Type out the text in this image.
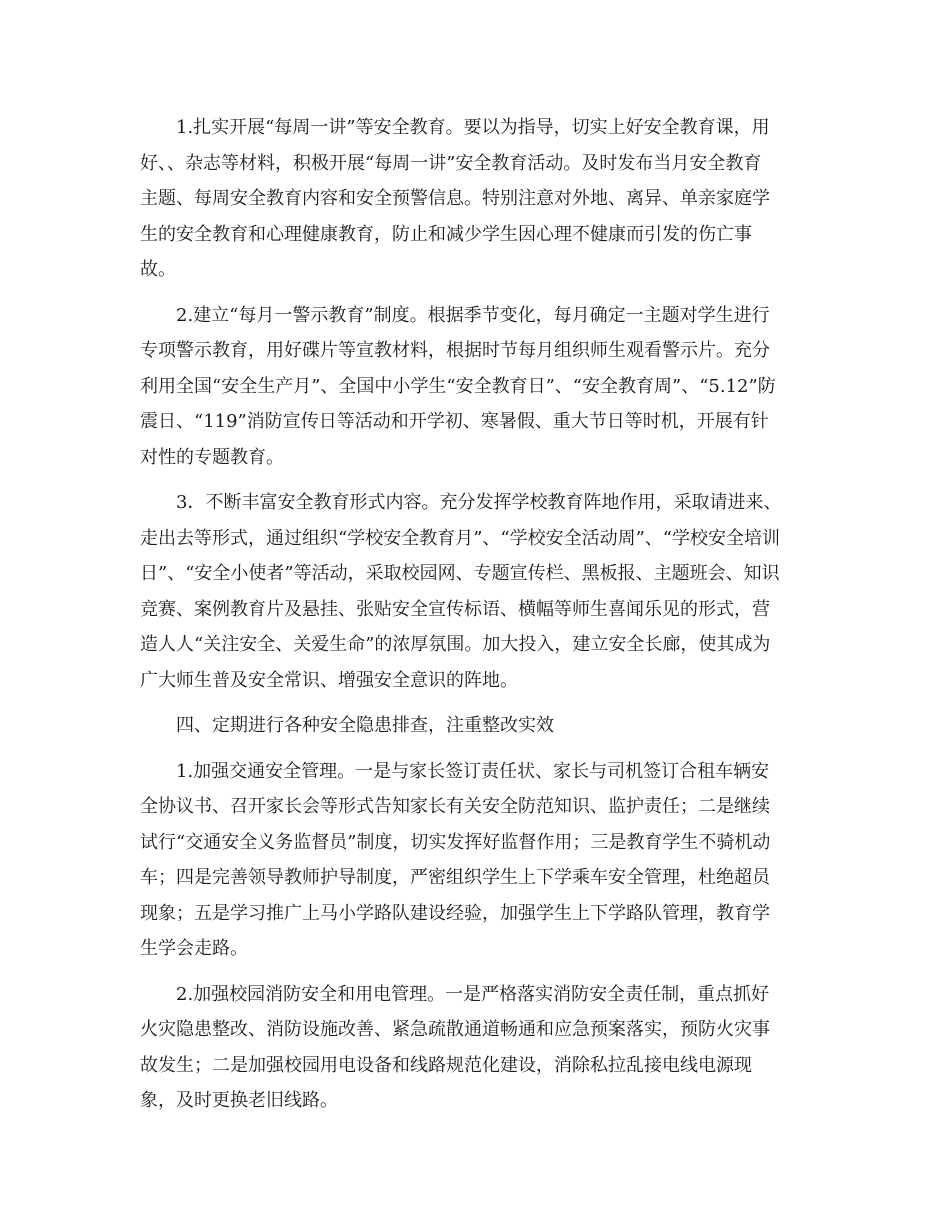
1.扎实开展“每周一讲”等安全教育。要以为指导，切实上好安全教育课，用
好、、杂志等材料，积极开展“每周一讲”安全教育活动。及时发布当月安全教育
主题、每周安全教育内容和安全预警信息。特别注意对外地、离异、单亲家庭学
生的安全教育和心理健康教育，防止和减少学生因心理不健康而引发的伤亡事
故。

2.建立“每月一警示教育”制度。根据季节变化，每月确定一主题对学生进行
专项警示教育，用好碟片等宣教材料，根据时节每月组织师生观看警示片。充分
利用全国“安全生产月”、全国中小学生“安全教育日”、“安全教育周”、“5.12”防
震日、“119”消防宣传日等活动和开学初、寒暑假、重大节日等时机，开展有针
对性的专题教育。

3．不断丰富安全教育形式内容。充分发挥学校教育阵地作用，采取请进来、
走出去等形式，通过组织“学校安全教育月”、“学校安全活动周”、“学校安全培训
日”、“安全小使者”等活动，采取校园网、专题宣传栏、黑板报、主题班会、知识
竞赛、案例教育片及悬挂、张贴安全宣传标语、横幅等师生喜闻乐见的形式，营
造人人“关注安全、关爱生命”的浓厚氛围。加大投入，建立安全长廊，使其成为
广大师生普及安全常识、增强安全意识的阵地。

四、定期进行各种安全隐患排查，注重整改实效

1.加强交通安全管理。一是与家长签订责任状、家长与司机签订合租车辆安
全协议书、召开家长会等形式告知家长有关安全防范知识、监护责任；二是继续
试行“交通安全义务监督员”制度，切实发挥好监督作用；三是教育学生不骑机动
车；四是完善领导教师护导制度，严密组织学生上下学乘车安全管理，杜绝超员
现象；五是学习推广上马小学路队建设经验，加强学生上下学路队管理，教育学
生学会走路。

2.加强校园消防安全和用电管理。一是严格落实消防安全责任制，重点抓好
火灾隐患整改、消防设施改善、紧急疏散通道畅通和应急预案落实，预防火灾事
故发生；二是加强校园用电设备和线路规范化建设，消除私拉乱接电线电源现
象，及时更换老旧线路。
